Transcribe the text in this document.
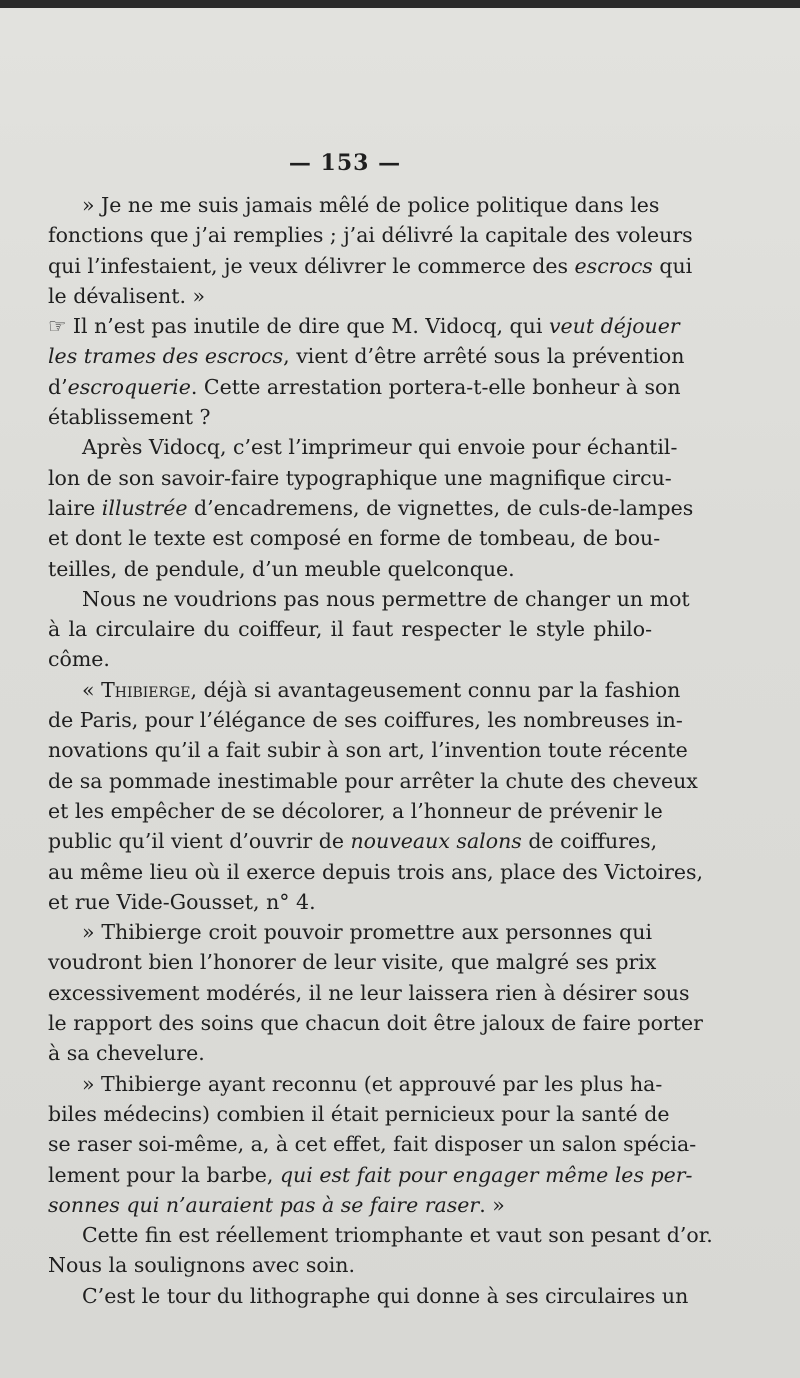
— 153 —
» Je ne me suis jamais mêlé de police politique dans les
fonctions que j’ai remplies ; j’ai délivré la capitale des voleurs
qui l’infestaient, je veux délivrer le commerce des escrocs
le dévalisent. »
☞ Il n’est pas inutile de dire que M. Vidocq, qui veut déjouer
les trames des escrocs, vient d’être arrêté sous la prévention
d’escroquerie. Cette arrestation portera-t-elle bonheur à son
établissement ?
Après Vidocq, c’est l’imprimeur qui envoie pour échantil-
lon de son savoir-faire typographique une magnifique circu-
laire illustrée d’encadremens, de vignettes, de culs-de-lampes
et dont le texte est composé en forme de tombeau, de bou-
teilles, de pendule, d’un meuble quelconque.
Nous ne voudrions pas nous permettre de changer un mot
à la circulaire du coiffeur, il faut respecter le style philo-
côme.
« Thibierge, déjà si avantageusement connu par la fashion
de Paris, pour l’élégance de ses coiffures, les nombreuses in-
novations qu’il a fait subir à son art, l’invention toute récente
de sa pommade inestimable pour arrêter la chute des cheveux
et les empêcher de se décolorer, a l’honneur de prévenir le
public qu’il vient d’ouvrir de nouveaux salons de coiffures,
au même lieu où il exerce depuis trois ans, place des Victoires,
et rue Vide-Gousset, n° 4.
» Thibierge croit pouvoir promettre aux personnes qui
voudront bien l’honorer de leur visite, que malgré ses prix
excessivement modérés, il ne leur laissera rien à désirer sous
le rapport des soins que chacun doit être jaloux de faire porter
à sa chevelure.
» Thibierge ayant reconnu (et approuvé par les plus ha-
biles médecins) combien il était pernicieux pour la santé de
se raser soi-même, a, à cet effet, fait disposer un salon spécia-
lement pour la barbe, qui est fait pour engager même les per-
sonnes qui n’auraient pas à se faire raser. »
Cette fin est réellement triomphante et vaut son pesant d’or.
Nous la soulignons avec soin.
C’est le tour du lithographe qui donne à ses circulaires un
